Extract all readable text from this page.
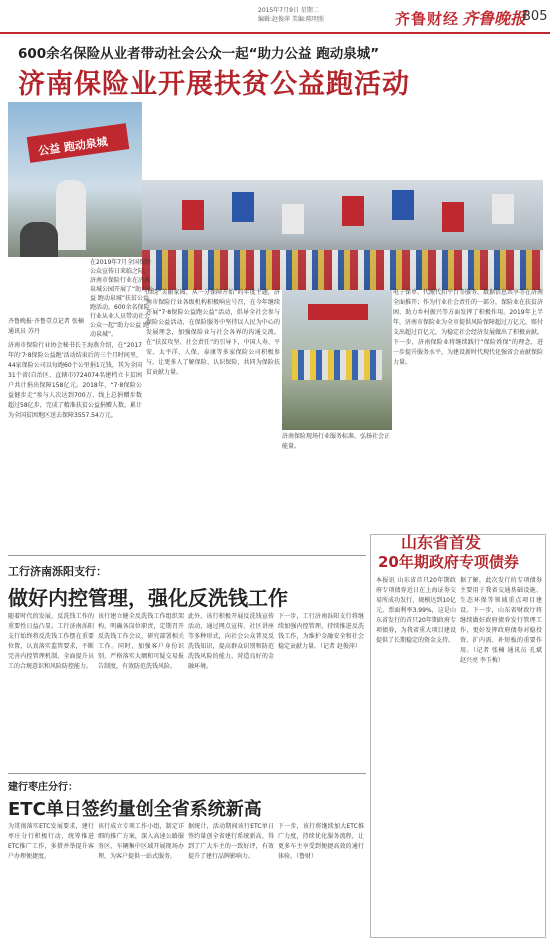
2015年7月9日 星期二
编辑:赵俊萍 美编:陈明照	齐鲁财经 齐鲁晚报
B05
600余名保险从业者带动社会公众一起“助力公益 跑动泉城”
济南保险业开展扶贫公益跑活动
公益 跑动泉城
在2019年7月全国保险公众宣传日来临之际，济南市保险行业在济南泉城公园开展了“助力公益 跑动泉城”扶贫公益跑活动，600余名保险行业从业人员带动社会公众一起“助力公益 跑动泉城”。
齐鲁晚报·齐鲁壹点记者 张楠
通讯员 苏丹
济南市保险行业协会秘书长王海燕介绍，在“2017年的‘7·8保险公益跑’活动结束后的三个月时间里，44家保险公司以每跑60个公里捐1元钱，其为全国31个省(自治区、直辖市)724074名建档立卡贫困户共计捐出保障158亿元。2018年，“7·8保险公益健步走”参与人次达到700万，线上总捐赠步数超过58亿步，完成了精准扶贫公益捐赠人数，累计为全国贫困地区送去保障3557.54万元。
围绕“美丽家园、从一分保障开始”的年度主题，济南市保险行业各级机构积极响应号召，在今年继续开展“7·8保险公益跑公益”活动，倡导全社会参与保险公益活动，在保险服务中坚持以人民为中心的发展理念，加强保险业与社会各界的沟通交流。在“扶贫攻坚、社会责任”的引导下，中国人寿、平安、太平洋、人保、泰康等多家保险公司积极参与，让更多人了解保险、认识保险，共同为保险扶贫贡献力量。
济南保险现场行业服务标准，弘扬社会正能量。
电子保单、代缴代扣平台等服务，数据信息共享等在济南全面推开；作为行业社会责任的一部分，保险业在扶贫济困、助力乡村振兴等方面发挥了积极作用。2019年上半年，济南市保险业为全市提供风险保障超过万亿元，赔付支出超过百亿元，为稳定社会经济发展做出了积极贡献。下一步，济南保险业将继续践行“保险姓保”的理念，进一步提升服务水平，为建设新时代现代化强省会贡献保险力量。
工行济南泺阳支行：
做好内控管理，强化反洗钱工作
随着时代的发展，反洗钱工作的重要性日益凸显。工行济南泺阳支行始终将反洗钱工作摆在重要位置，认真落实监管要求，不断完善内控管理机制，全面提升员工的合规意识和风险防控能力。
该行建立健全反洗钱工作组织架构，明确各岗位职责，定期召开反洗钱工作会议，研究部署相关工作。同时，加强客户身份识别，严格落实大额和可疑交易报告制度，有效防范洗钱风险。
此外，该行积极开展反洗钱宣传活动，通过网点宣传、社区讲座等多种形式，向社会公众普及反洗钱知识，提高群众识别和防范洗钱风险的能力，营造良好的金融环境。
下一步，工行济南泺阳支行将继续加强内控管理，持续推进反洗钱工作，为维护金融安全和社会稳定贡献力量。（记者 赵俊萍）
建行枣庄分行：
ETC单日签约量创全省系统新高
为贯彻落实ETC发展要求，建行枣庄分行积极行动，统筹推进ETC推广工作，多措并举提升客户办理便捷度。
该行成立专项工作小组，制定详细的推广方案，深入高速公路服务区、车辆集中区域开展现场办理，为客户提供一站式服务。
据统计，活动期间该行ETC单日签约量创全省建行系统新高，得到了广大车主的一致好评，有效提升了建行品牌影响力。
下一步，该行将继续加大ETC推广力度，持续优化服务流程，让更多车主享受到便捷高效的通行体验。（鲁财）
山东省首发
20年期政府专项债券
本报讯 山东省首只20年期政府专项债券近日在上海证券交易所成功发行，规模达到10亿元，票面利率3.99%，这是山东省发行的首只20年期政府专项债券，为我省重大项目建设提供了长期稳定的资金支持。
据了解，此次发行的专项债券主要用于我省交通基础设施、生态环保等领域重点项目建设。下一步，山东省财政厅将继续做好政府债券发行管理工作，更好发挥政府债券对稳投资、扩内需、补短板的重要作用。（记者 张楠 通讯员 孔斌 赵兴亮 李玉梅）
